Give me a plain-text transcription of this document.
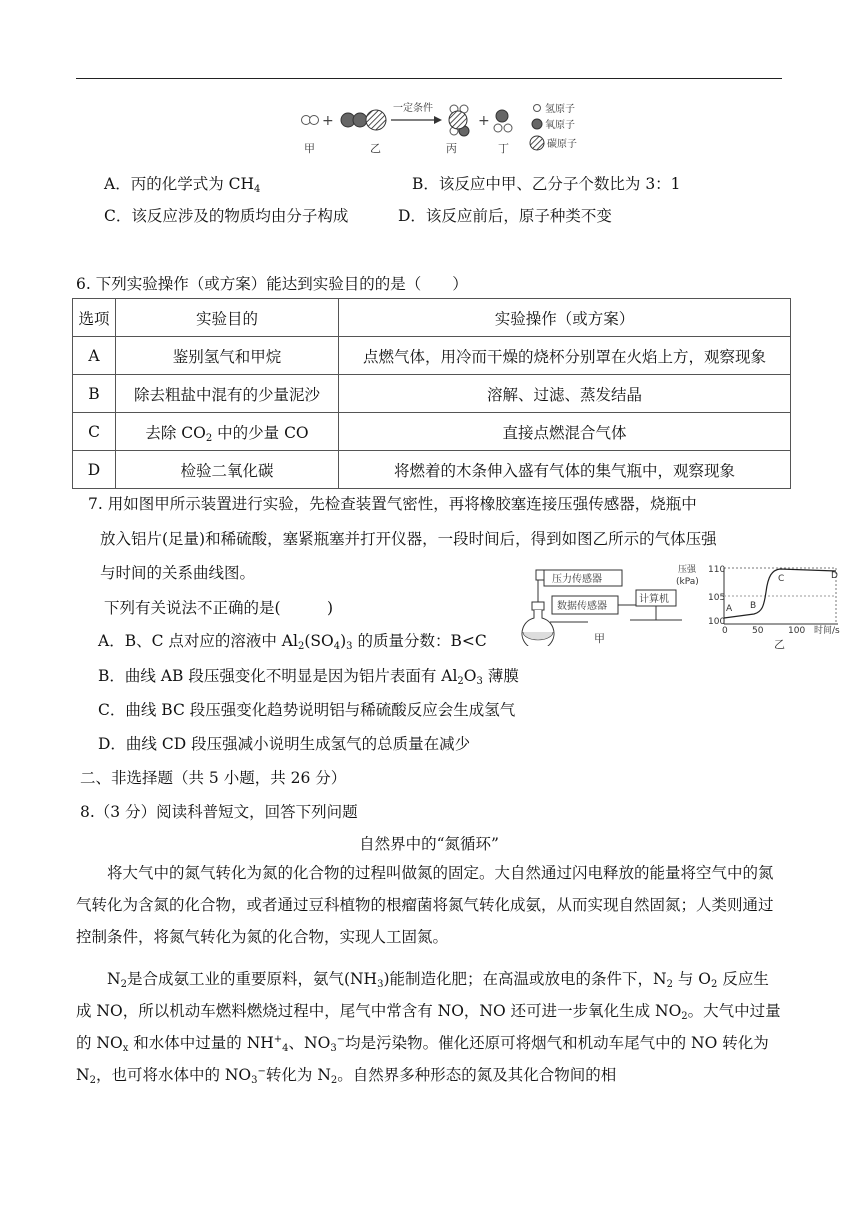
+
一定条件
+
甲	乙	丙	丁
氢原子
氧原子
碳原子
A．丙的化学式为 $CH_4$	B．该反应中甲、乙分子个数比为 3：1
C．该反应涉及的物质均由分子构成	D．该反应前后，原子种类不变
6. 下列实验操作（或方案）能达到实验目的的是（　　）
选项	实验目的	实验操作（或方案）
A	鉴别氢气和甲烷	点燃气体，用冷而干燥的烧杯分别罩在火焰上方，观察现象
B	除去粗盐中混有的少量泥沙	溶解、过滤、蒸发结晶
C	去除 $CO_2$ 中的少量 CO	直接点燃混合气体
D	检验二氧化碳	将燃着的木条伸入盛有气体的集气瓶中，观察现象
7. 用如图甲所示装置进行实验，先检查装置气密性，再将橡胶塞连接压强传感器，烧瓶中
放入铝片(足量)和稀硫酸，塞紧瓶塞并打开仪器，一段时间后，得到如图乙所示的气体压强
与时间的关系曲线图。
下列有关说法不正确的是(　　　)
A．B、C 点对应的溶液中 $Al_2(SO_4)_3$ 的质量分数：B<C
B．曲线 AB 段压强变化不明显是因为铝片表面有 $Al_2O_3$ 薄膜
C．曲线 BC 段压强变化趋势说明铝与稀硫酸反应会生成氢气
D．曲线 CD 段压强减小说明生成氢气的总质量在减少
压力传感器
数据传感器
计算机
甲
压强
(kPa)
110
105
100
0	50	100 时间/s
A B
C	D
乙
二、非选择题（共 5 小题，共 26 分）
8.（3 分）阅读科普短文，回答下列问题
自然界中的“氮循环”
将大气中的氮气转化为氮的化合物的过程叫做氮的固定。大自然通过闪电释放的能量将空气中的氮气转化为含氮的化合物，或者通过豆科植物的根瘤菌将氮气转化成氨，从而实现自然固氮；人类则通过控制条件，将氮气转化为氮的化合物，实现人工固氮。
$N_2$是合成氨工业的重要原料，氨气$(NH_3)$能制造化肥；在高温或放电的条件下，$N_2$ 与 $O_2$ 反应生成 NO，所以机动车燃料燃烧过程中，尾气中常含有 NO，NO 还可进一步氧化生成 $NO_2$。大气中过量的 $NO_x$ 和水体中过量的 $NH^+_4$、$NO_3^-$均是污染物。催化还原可将烟气和机动车尾气中的 NO 转化为 $N_2$，也可将水体中的 $NO_3^-$转化为 $N_2$。自然界多种形态的氮及其化合物间的相
